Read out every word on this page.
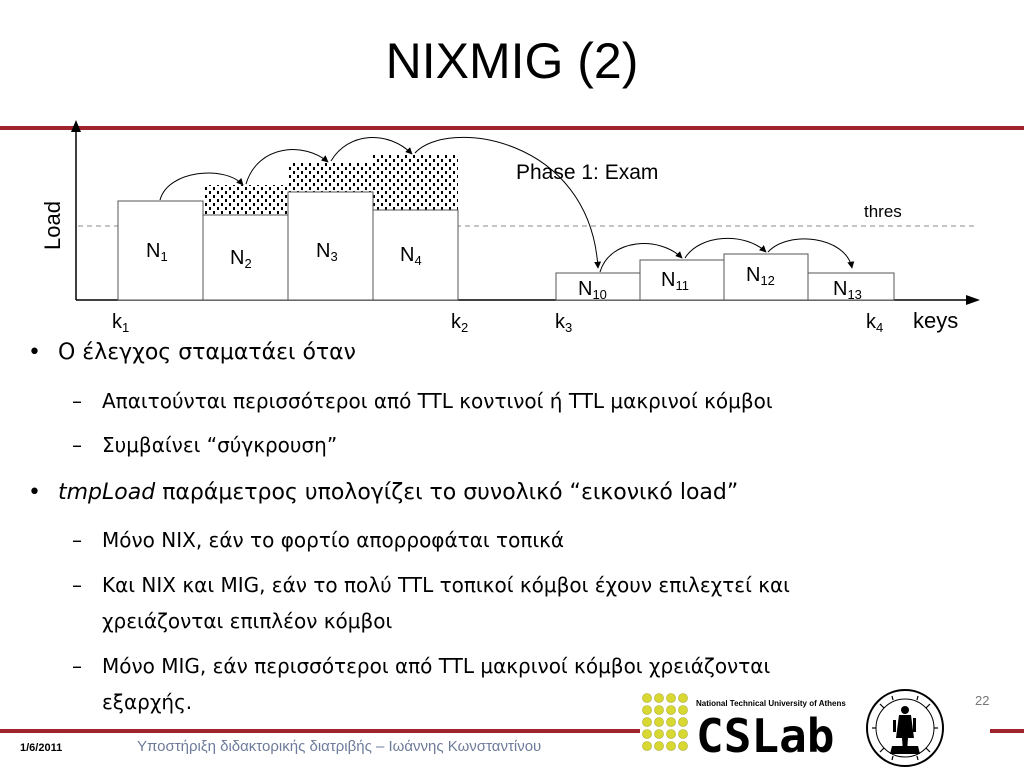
NIXMIG (2)
$N_1$	$N_2$
$N_3$	$N_4$
$N_{10}$
$N_{11}$	$N_{12}$	$N_{13}$
$k_1$	$k_2$	$k_3$	$k_4$ keys
Load
Phase 1: Exam
thres
• Ο έλεγχος σταματάει όταν
– Απαιτούνται περισσότεροι από TTL κοντινοί ή TTL μακρινοί κόμβοι
– Συμβαίνει “σύγκρουση”
• tmpLoad παράμετρος υπολογίζει το συνολικό “εικονικό load”
– Μόνο NIX, εάν το φορτίο απορροφάται τοπικά
– Και NIX και MIG, εάν το πολύ TTL τοπικοί κόμβοι έχουν επιλεχτεί και
χρειάζονται επιπλέον κόμβοι
– Μόνο MIG, εάν περισσότεροι από TTL μακρινοί κόμβοι χρειάζονται
εξαρχής.	22
1/6/2011	Υποστήριξη διδακτορικής διατριβής – Ιωάννης Κωνσταντίνου
National Technical University of Athens
CSLab
